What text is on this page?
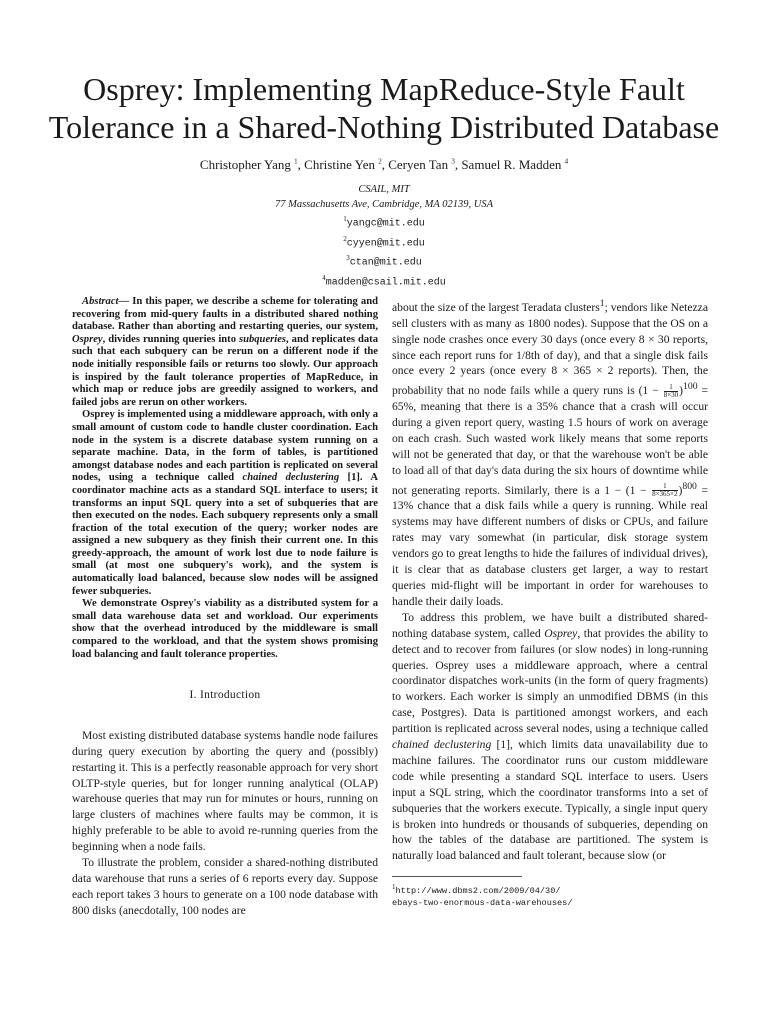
Osprey: Implementing MapReduce-Style Fault Tolerance in a Shared-Nothing Distributed Database
Christopher Yang $^1$, Christine Yen $^2$, Ceryen Tan $^3$, Samuel R. Madden $^4$
CSAIL, MIT
77 Massachusetts Ave, Cambridge, MA 02139, USA
$^1$yangc@mit.edu
$^2$cyyen@mit.edu
$^3$ctan@mit.edu
$^4$madden@csail.mit.edu

Abstract— In this paper, we describe a scheme for tolerating and recovering from mid-query faults in a distributed shared nothing database. Rather than aborting and restarting queries, our system, Osprey, divides running queries into subqueries, and replicates data such that each subquery can be rerun on a different node if the node initially responsible fails or returns too slowly. Our approach is inspired by the fault tolerance properties of MapReduce, in which map or reduce jobs are greedily assigned to workers, and failed jobs are rerun on other workers.

Osprey is implemented using a middleware approach, with only a small amount of custom code to handle cluster coordination. Each node in the system is a discrete database system running on a separate machine. Data, in the form of tables, is partitioned amongst database nodes and each partition is replicated on several nodes, using a technique called chained declustering [1]. A coordinator machine acts as a standard SQL interface to users; it transforms an input SQL query into a set of subqueries that are then executed on the nodes. Each subquery represents only a small fraction of the total execution of the query; worker nodes are assigned a new subquery as they finish their current one. In this greedy-approach, the amount of work lost due to node failure is small (at most one subquery's work), and the system is automatically load balanced, because slow nodes will be assigned fewer subqueries.

We demonstrate Osprey's viability as a distributed system for a small data warehouse data set and workload. Our experiments show that the overhead introduced by the middleware is small compared to the workload, and that the system shows promising load balancing and fault tolerance properties.

I. Introduction

Most existing distributed database systems handle node failures during query execution by aborting the query and (possibly) restarting it. This is a perfectly reasonable approach for very short OLTP-style queries, but for longer running analytical (OLAP) warehouse queries that may run for minutes or hours, running on large clusters of machines where faults may be common, it is highly preferable to be able to avoid re-running queries from the beginning when a node fails.

To illustrate the problem, consider a shared-nothing distributed data warehouse that runs a series of 6 reports every day. Suppose each report takes 3 hours to generate on a 100 node database with 800 disks (anecdotally, 100 nodes are

about the size of the largest Teradata clusters$^1$; vendors like Netezza sell clusters with as many as 1800 nodes). Suppose that the OS on a single node crashes once every 30 days (once every 8 × 30 reports, since each report runs for 1/8th of day), and that a single disk fails once every 2 years (once every 8 × 365 × 2 reports). Then, the probability that no node fails while a query runs is $(1 - \frac{1}{8\times 30} )^{100} = 65\%$, meaning that there is a 35% chance that a crash will occur during a given report query, wasting 1.5 hours of work on average on each crash. Such wasted work likely means that some reports will not be generated that day, or that the warehouse won't be able to load all of that day's data during the six hours of downtime while not generating reports. Similarly, there is a $1 - (1 - \frac{1}{8\times 365\times 2} )^{800} = 13\%$ chance that a disk fails while a query is running. While real systems may have different numbers of disks or CPUs, and failure rates may vary somewhat (in particular, disk storage system vendors go to great lengths to hide the failures of individual drives), it is clear that as database clusters get larger, a way to restart queries mid-flight will be important in order for warehouses to handle their daily loads.

To address this problem, we have built a distributed shared-nothing database system, called Osprey, that provides the ability to detect and to recover from failures (or slow nodes) in long-running queries. Osprey uses a middleware approach, where a central coordinator dispatches work-units (in the form of query fragments) to workers. Each worker is simply an unmodified DBMS (in this case, Postgres). Data is partitioned amongst workers, and each partition is replicated across several nodes, using a technique called chained declustering [1], which limits data unavailability due to machine failures. The coordinator runs our custom middleware code while presenting a standard SQL interface to users. Users input a SQL string, which the coordinator transforms into a set of subqueries that the workers execute. Typically, a single input query is broken into hundreds or thousands of subqueries, depending on how the tables of the database are partitioned. The system is naturally load balanced and fault tolerant, because slow (or

$^1$http://www.dbms2.com/2009/04/30/
ebays-two-enormous-data-warehouses/
